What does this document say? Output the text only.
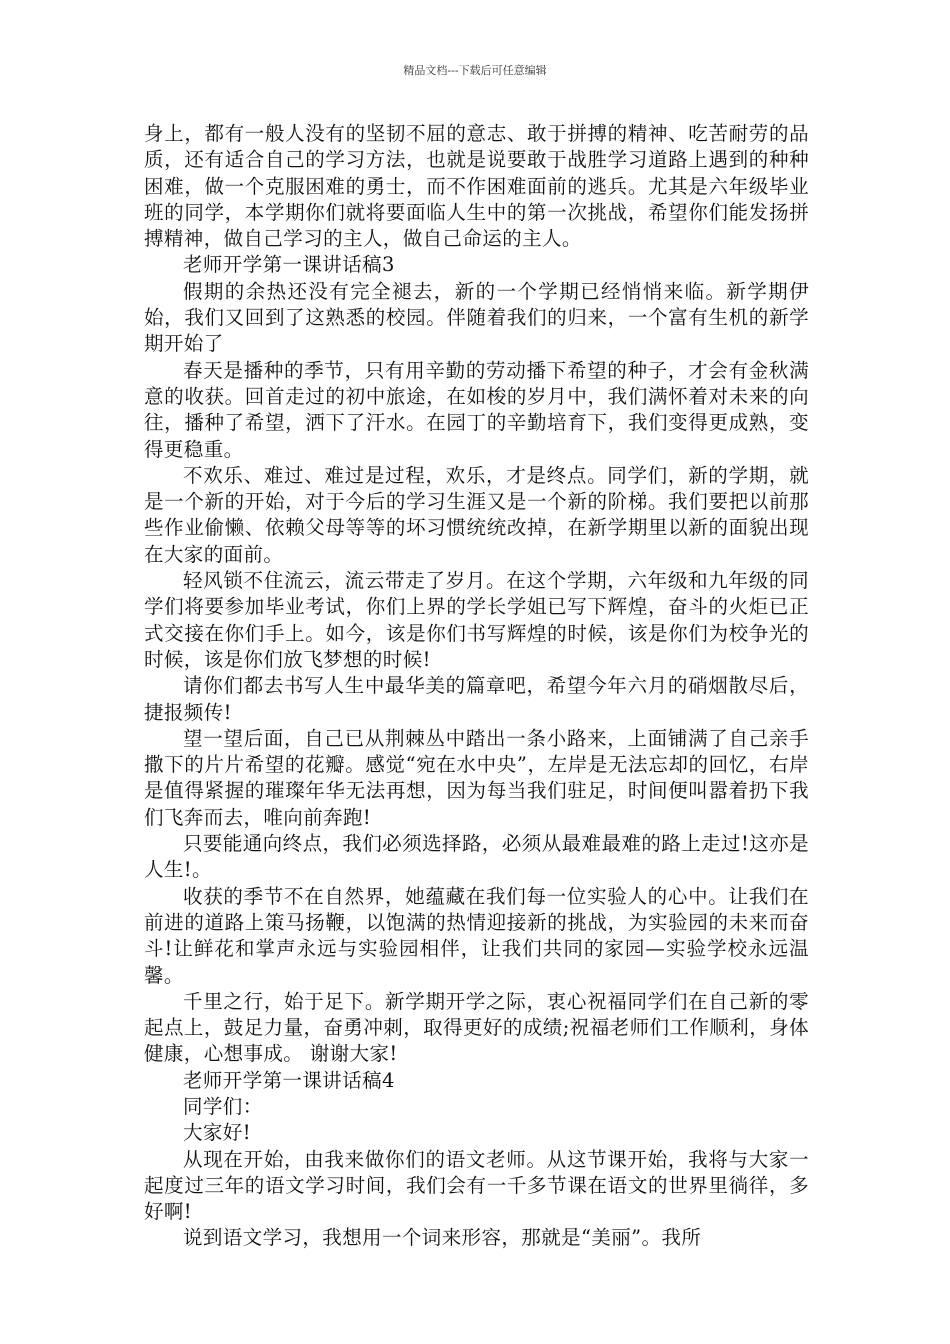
精品文档---下载后可任意编辑

身上，都有一般人没有的坚韧不屈的意志、敢于拼搏的精神、吃苦耐劳的品质，还有适合自己的学习方法，也就是说要敢于战胜学习道路上遇到的种种困难，做一个克服困难的勇士，而不作困难面前的逃兵。尤其是六年级毕业班的同学，本学期你们就将要面临人生中的第一次挑战，希望你们能发扬拼搏精神，做自己学习的主人，做自己命运的主人。

老师开学第一课讲话稿3

假期的余热还没有完全褪去，新的一个学期已经悄悄来临。新学期伊始，我们又回到了这熟悉的校园。伴随着我们的归来，一个富有生机的新学期开始了

春天是播种的季节，只有用辛勤的劳动播下希望的种子，才会有金秋满意的收获。回首走过的初中旅途，在如梭的岁月中，我们满怀着对未来的向往，播种了希望，洒下了汗水。在园丁的辛勤培育下，我们变得更成熟，变得更稳重。

不欢乐、难过、难过是过程，欢乐，才是终点。同学们，新的学期，就是一个新的开始，对于今后的学习生涯又是一个新的阶梯。我们要把以前那些作业偷懒、依赖父母等等的坏习惯统统改掉，在新学期里以新的面貌出现在大家的面前。

轻风锁不住流云，流云带走了岁月。在这个学期，六年级和九年级的同学们将要参加毕业考试，你们上界的学长学姐已写下辉煌，奋斗的火炬已正式交接在你们手上。如今，该是你们书写辉煌的时候，该是你们为校争光的时候，该是你们放飞梦想的时候!

请你们都去书写人生中最华美的篇章吧，希望今年六月的硝烟散尽后，捷报频传!

望一望后面，自己已从荆棘丛中踏出一条小路来，上面铺满了自己亲手撒下的片片希望的花瓣。感觉“宛在水中央”，左岸是无法忘却的回忆，右岸是值得紧握的璀璨年华无法再想，因为每当我们驻足，时间便叫嚣着扔下我们飞奔而去，唯向前奔跑!

只要能通向终点，我们必须选择路，必须从最难最难的路上走过!这亦是人生!。

收获的季节不在自然界，她蕴藏在我们每一位实验人的心中。让我们在前进的道路上策马扬鞭，以饱满的热情迎接新的挑战，为实验园的未来而奋斗!让鲜花和掌声永远与实验园相伴，让我们共同的家园—实验学校永远温馨。

千里之行，始于足下。新学期开学之际，衷心祝福同学们在自己新的零起点上，鼓足力量，奋勇冲刺，取得更好的成绩;祝福老师们工作顺利，身体健康，心想事成。 谢谢大家!

老师开学第一课讲话稿4

同学们：

大家好!

从现在开始，由我来做你们的语文老师。从这节课开始，我将与大家一起度过三年的语文学习时间，我们会有一千多节课在语文的世界里徜徉，多好啊!

说到语文学习，我想用一个词来形容，那就是“美丽”。我所
